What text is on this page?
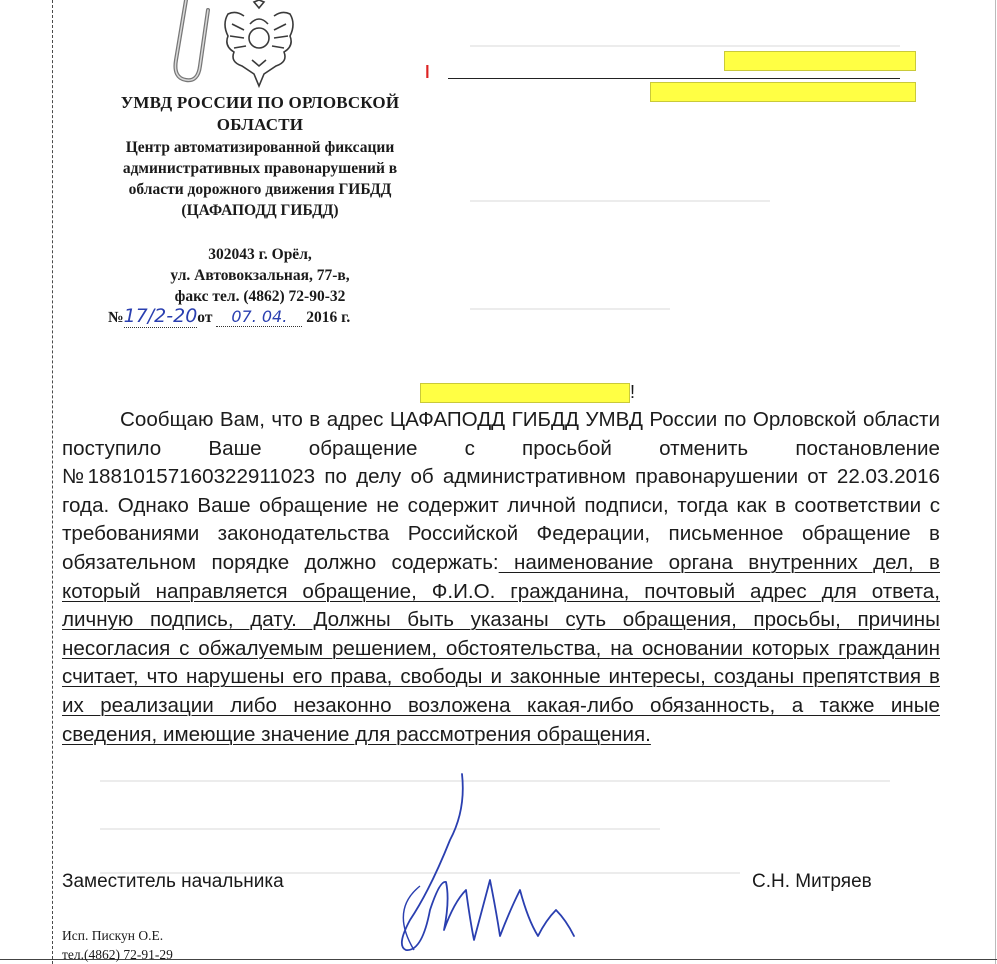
УМВД РОССИИ ПО ОРЛОВСКОЙ
ОБЛАСТИ
Центр автоматизированной фиксации
административных правонарушений в
области дорожного движения ГИБДД
(ЦАФАПОДД ГИБДД)
302043 г. Орёл,
ул. Автовокзальная, 77-в,
факс тел. (4862) 72-90-32
№17/2-20от 07. 04. 2016 г.
ı
!
Сообщаю Вам, что в адрес ЦАФАПОДД ГИБДД УМВД России по Орловской области поступило Ваше обращение с просьбой отменить постановление №18810157160322911023 по делу об административном правонарушении от 22.03.2016 года. Однако Ваше обращение не содержит личной подписи, тогда как в соответствии с требованиями законодательства Российской Федерации, письменное обращение в обязательном порядке должно содержать: наименование органа внутренних дел, в который направляется обращение, Ф.И.О. гражданина, почтовый адрес для ответа, личную подпись, дату. Должны быть указаны суть обращения, просьбы, причины несогласия с обжалуемым решением, обстоятельства, на основании которых гражданин считает, что нарушены его права, свободы и законные интересы, созданы препятствия в их реализации либо незаконно возложена какая-либо обязанность, а также иные сведения, имеющие значение для рассмотрения обращения.
Заместитель начальника	С.Н. Митряев
Исп. Пискун О.Е.
тел.(4862) 72-91-29
